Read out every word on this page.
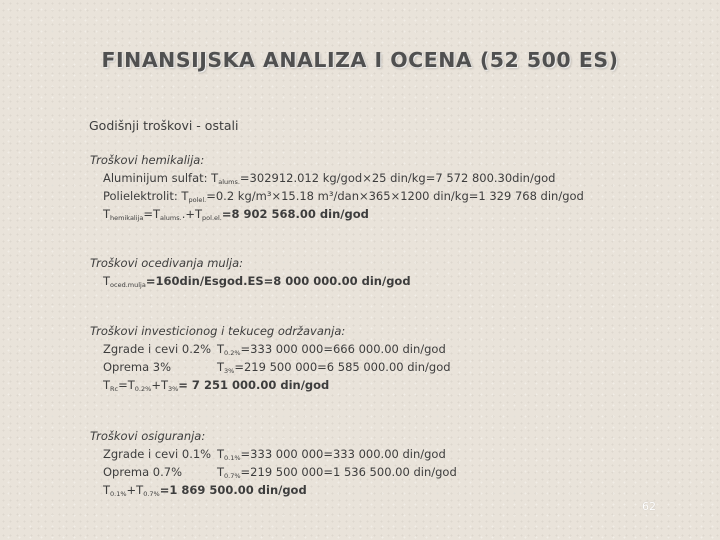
FINANSIJSKA ANALIZA I OCENA (52 500 ES)
Godišnji troškovi - ostali
Troškovi hemikalija:
Aluminijum sulfat: $T_{alums.}=302912.012$ kg/god×25 din/kg=7 572 800.30din/god
Polielektrolit: $T_{polel.}=0.2$ kg/m³×15.18 m³/dan×365×1200 din/kg=1 329 768 din/god
$T_{hemikalija}=T_{alums.}.+T_{pol.el.}=8$ 902 568.00 din/god
Troškovi ocedivanja mulja:
$T_{oced.mulja}=160din/Esgod.ES=8$ 000 000.00 din/god
Troškovi investicionog i tekuceg održavanja:
Zgrade i cevi 0.2% $T_{0.2\%}=333$ 000 000=666 000.00 din/god
Oprema 3%	$T_{3\%}=219$ 500 000=6 585 000.00 din/god
$T_{Rc}=T_{0.2\%}+T_{3\%}= 7$ 251 000.00 din/god
Troškovi osiguranja:
Zgrade i cevi 0.1% $T_{0.1\%}=333$ 000 000=333 000.00 din/god
Oprema 0.7%	$T_{0.7\%}=219$ 500 000=1 536 500.00 din/god
$T_{0.1\%}+T_{0.7\%}=1$ 869 500.00 din/god
62
